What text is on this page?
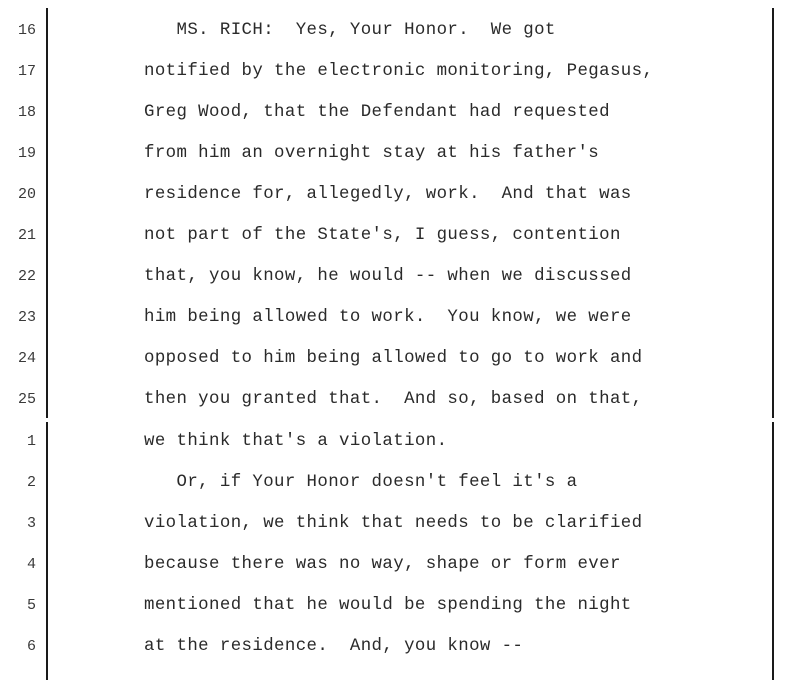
16	MS. RICH:  Yes, Your Honor.  We got
17	notified by the electronic monitoring, Pegasus,
18	Greg Wood, that the Defendant had requested
19	from him an overnight stay at his father's
20	residence for, allegedly, work.  And that was
21	not part of the State's, I guess, contention
22	that, you know, he would -- when we discussed
23	him being allowed to work.  You know, we were
24	opposed to him being allowed to go to work and
25	then you granted that.  And so, based on that,
1	we think that's a violation.
2	Or, if Your Honor doesn't feel it's a
3	violation, we think that needs to be clarified
4	because there was no way, shape or form ever
5	mentioned that he would be spending the night
6	at the residence.  And, you know --
